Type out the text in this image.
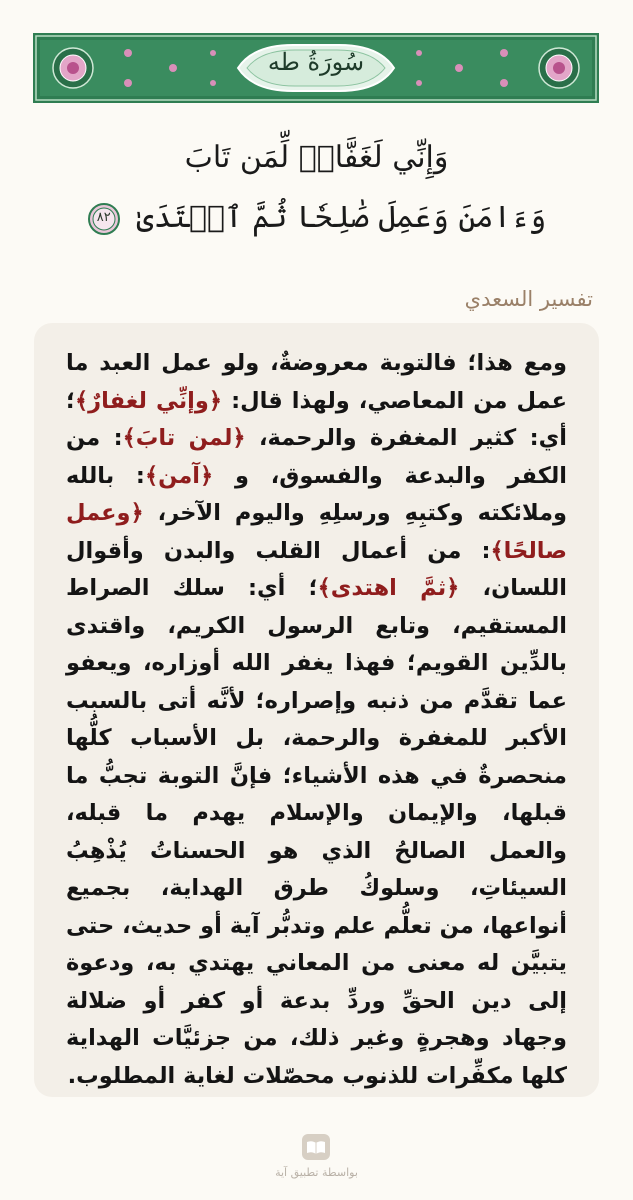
سُورَةُ طه
وَإِنِّي لَغَفَّارٞ لِّمَن تَابَ
وَءَامَنَ وَعَمِلَ صَٰلِحٗا ثُمَّ ٱهۡتَدَىٰ
٨٢
تفسير السعدي

ومع هذا؛ فالتوبة معروضةٌ، ولو عمل العبد ما عمل من المعاصي، ولهذا قال: ﴿وإنِّي لغفارٌ﴾؛ أي: كثير المغفرة والرحمة، ﴿لمن تابَ﴾: من الكفر والبدعة والفسوق، و ﴿آمن﴾: بالله وملائكته وكتبِهِ ورسلِهِ واليوم الآخر، ﴿وعمل صالحًا﴾: من أعمال القلب والبدن وأقوال اللسان، ﴿ثمَّ اهتدى﴾؛ أي: سلك الصراط المستقيم، وتابع الرسول الكريم، واقتدى بالدِّين القويم؛ فهذا يغفر الله أوزاره، ويعفو عما تقدَّم من ذنبه وإصراره؛ لأنَّه أتى بالسبب الأكبر للمغفرة والرحمة، بل الأسباب كلُّها منحصرةٌ في هذه الأشياء؛ فإنَّ التوبة تجبُّ ما قبلها، والإيمان والإسلام يهدم ما قبله، والعمل الصالحُ الذي هو الحسناتُ يُذْهِبُ السيئاتِ، وسلوكُ طرق الهداية، بجميع أنواعها، من تعلُّم علم وتدبُّر آية أو حديث، حتى يتبيَّن له معنى من المعاني يهتدي به، ودعوة إلى دين الحقِّ وردِّ بدعة أو كفر أو ضلالة وجهاد وهجرةٍ وغير ذلك، من جزئيَّات الهداية كلها مكفِّرات للذنوب محصّلات لغاية المطلوب.

بواسطة تطبيق آية
